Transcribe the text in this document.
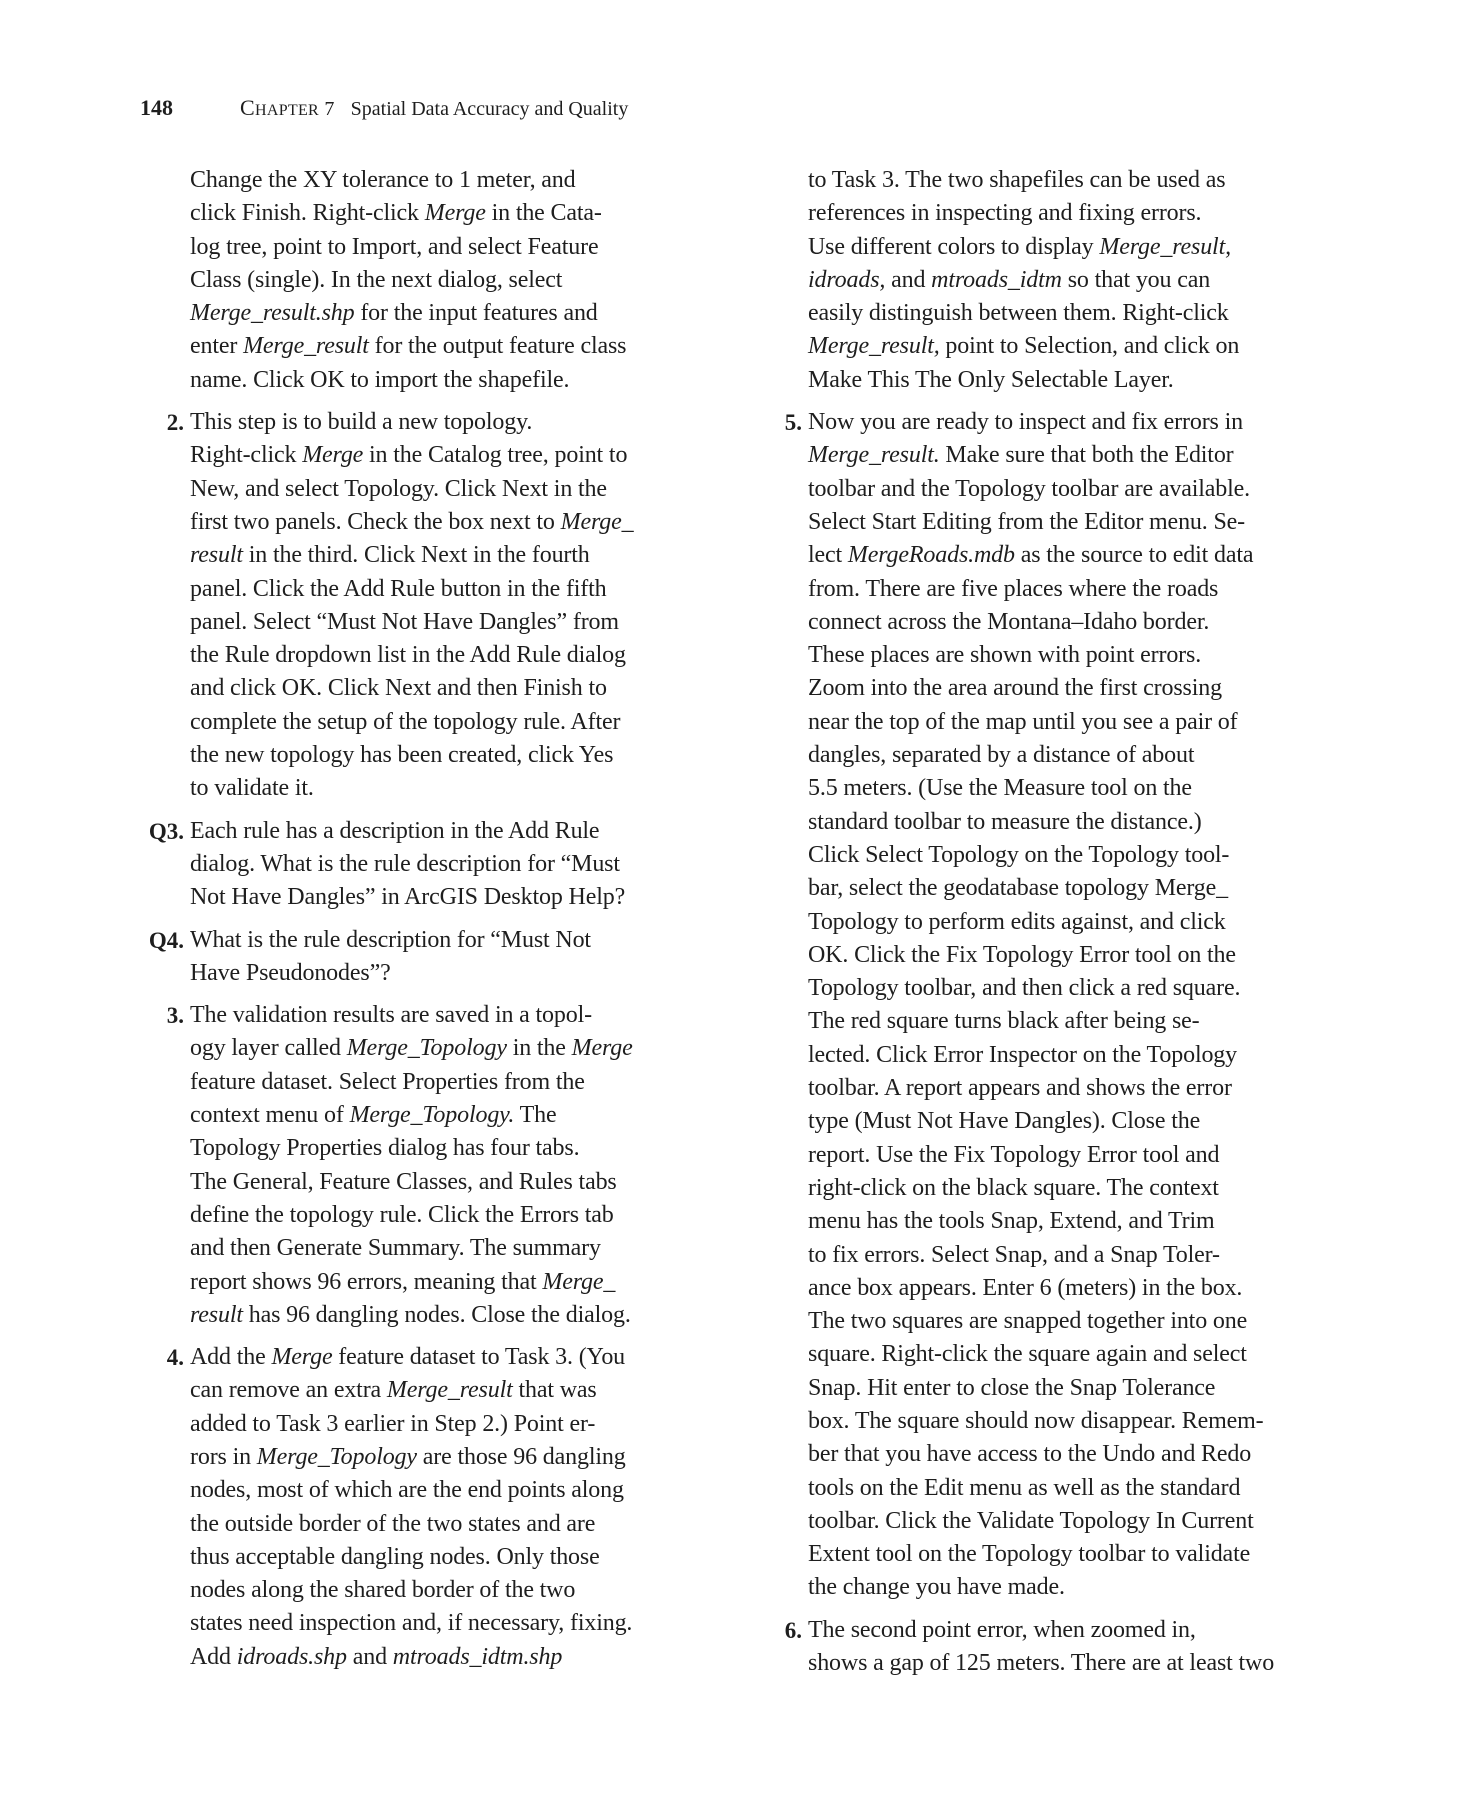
148	CHAPTER 7 Spatial Data Accuracy and Quality
Change the XY tolerance to 1 meter, and
click Finish. Right-click Merge in the Cata-
log tree, point to Import, and select Feature
Class (single). In the next dialog, select
Merge_result.shp for the input features and
enter Merge_result for the output feature class
name. Click OK to import the shapefile.
2. This step is to build a new topology.
Right-click Merge in the Catalog tree, point to
New, and select Topology. Click Next in the
first two panels. Check the box next to Merge_
result in the third. Click Next in the fourth
panel. Click the Add Rule button in the fifth
panel. Select “Must Not Have Dangles” from
the Rule dropdown list in the Add Rule dialog
and click OK. Click Next and then Finish to
complete the setup of the topology rule. After
the new topology has been created, click Yes
to validate it.
Q3. Each rule has a description in the Add Rule
dialog. What is the rule description for “Must
Not Have Dangles” in ArcGIS Desktop Help?
Q4. What is the rule description for “Must Not
Have Pseudonodes”?
3. The validation results are saved in a topol-
ogy layer called Merge_Topology in the Merge
feature dataset. Select Properties from the
context menu of Merge_Topology. The
Topology Properties dialog has four tabs.
The General, Feature Classes, and Rules tabs
define the topology rule. Click the Errors tab
and then Generate Summary. The summary
report shows 96 errors, meaning that Merge_
result has 96 dangling nodes. Close the dialog.
4. Add the Merge feature dataset to Task 3. (You
can remove an extra Merge_result that was
added to Task 3 earlier in Step 2.) Point er-
rors in Merge_Topology are those 96 dangling
nodes, most of which are the end points along
the outside border of the two states and are
thus acceptable dangling nodes. Only those
nodes along the shared border of the two
states need inspection and, if necessary, fixing.
Add idroads.shp and mtroads_idtm.shp
to Task 3. The two shapefiles can be used as
references in inspecting and fixing errors.
Use different colors to display Merge_result,
idroads, and mtroads_idtm so that you can
easily distinguish between them. Right-click
Merge_result, point to Selection, and click on
Make This The Only Selectable Layer.
5. Now you are ready to inspect and fix errors in
Merge_result. Make sure that both the Editor
toolbar and the Topology toolbar are available.
Select Start Editing from the Editor menu. Se-
lect MergeRoads.mdb as the source to edit data
from. There are five places where the roads
connect across the Montana–Idaho border.
These places are shown with point errors.
Zoom into the area around the first crossing
near the top of the map until you see a pair of
dangles, separated by a distance of about
5.5 meters. (Use the Measure tool on the
standard toolbar to measure the distance.)
Click Select Topology on the Topology tool-
bar, select the geodatabase topology Merge_
Topology to perform edits against, and click
OK. Click the Fix Topology Error tool on the
Topology toolbar, and then click a red square.
The red square turns black after being se-
lected. Click Error Inspector on the Topology
toolbar. A report appears and shows the error
type (Must Not Have Dangles). Close the
report. Use the Fix Topology Error tool and
right-click on the black square. The context
menu has the tools Snap, Extend, and Trim
to fix errors. Select Snap, and a Snap Toler-
ance box appears. Enter 6 (meters) in the box.
The two squares are snapped together into one
square. Right-click the square again and select
Snap. Hit enter to close the Snap Tolerance
box. The square should now disappear. Remem-
ber that you have access to the Undo and Redo
tools on the Edit menu as well as the standard
toolbar. Click the Validate Topology In Current
Extent tool on the Topology toolbar to validate
the change you have made.
6. The second point error, when zoomed in,
shows a gap of 125 meters. There are at least two
